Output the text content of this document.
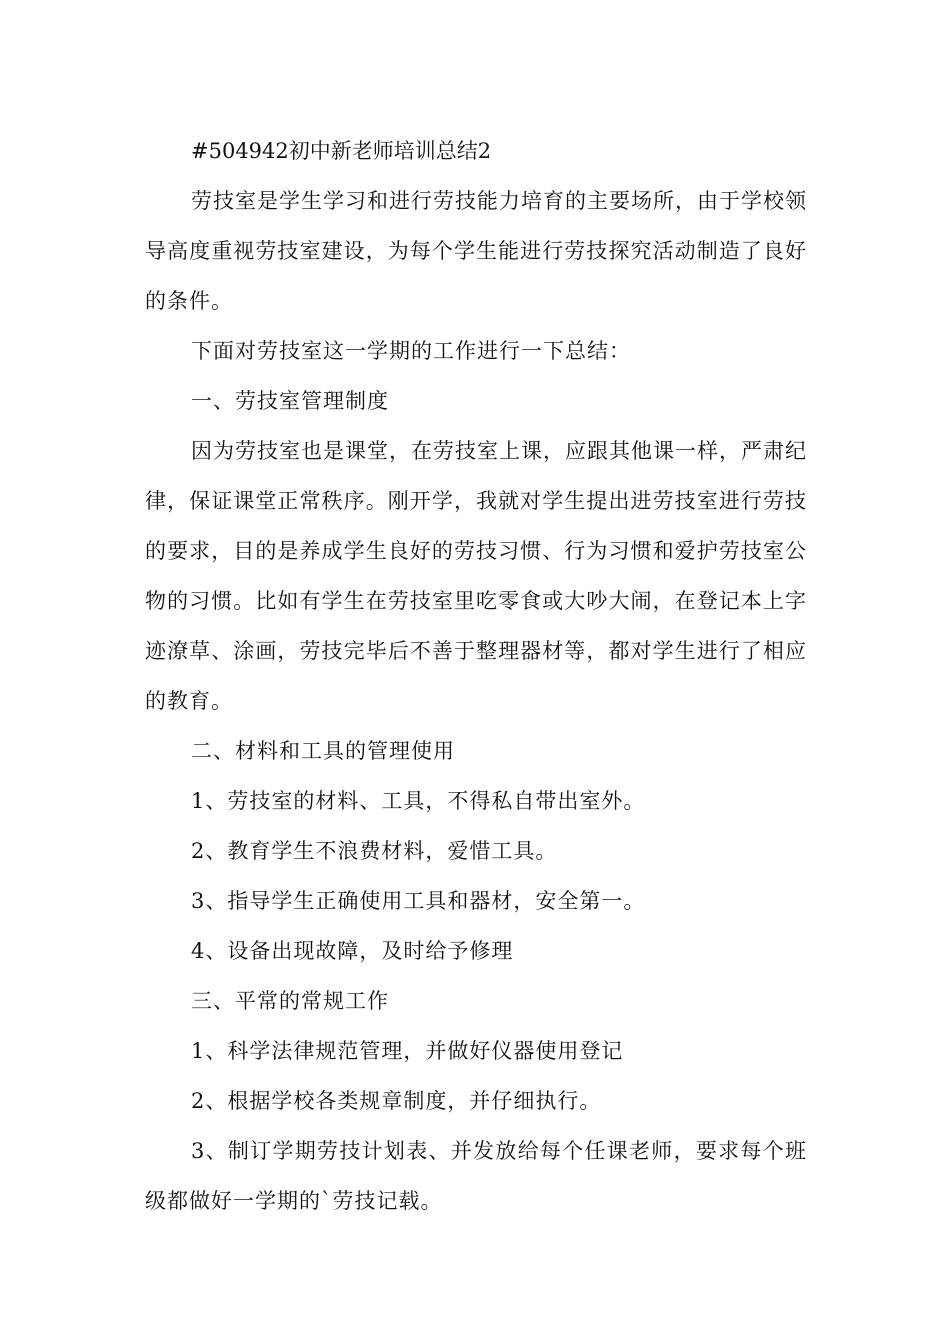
#504942初中新老师培训总结2

劳技室是学生学习和进行劳技能力培育的主要场所，由于学校领导高度重视劳技室建设，为每个学生能进行劳技探究活动制造了良好的条件。

下面对劳技室这一学期的工作进行一下总结：

一、劳技室管理制度

因为劳技室也是课堂，在劳技室上课，应跟其他课一样，严肃纪律，保证课堂正常秩序。刚开学，我就对学生提出进劳技室进行劳技的要求，目的是养成学生良好的劳技习惯、行为习惯和爱护劳技室公物的习惯。比如有学生在劳技室里吃零食或大吵大闹，在登记本上字迹潦草、涂画，劳技完毕后不善于整理器材等，都对学生进行了相应的教育。

二、材料和工具的管理使用

1、劳技室的材料、工具，不得私自带出室外。

2、教育学生不浪费材料，爱惜工具。

3、指导学生正确使用工具和器材，安全第一。

4、设备出现故障，及时给予修理

三、平常的常规工作

1、科学法律规范管理，并做好仪器使用登记

2、根据学校各类规章制度，并仔细执行。

3、制订学期劳技计划表、并发放给每个任课老师，要求每个班级都做好一学期的`劳技记载。
